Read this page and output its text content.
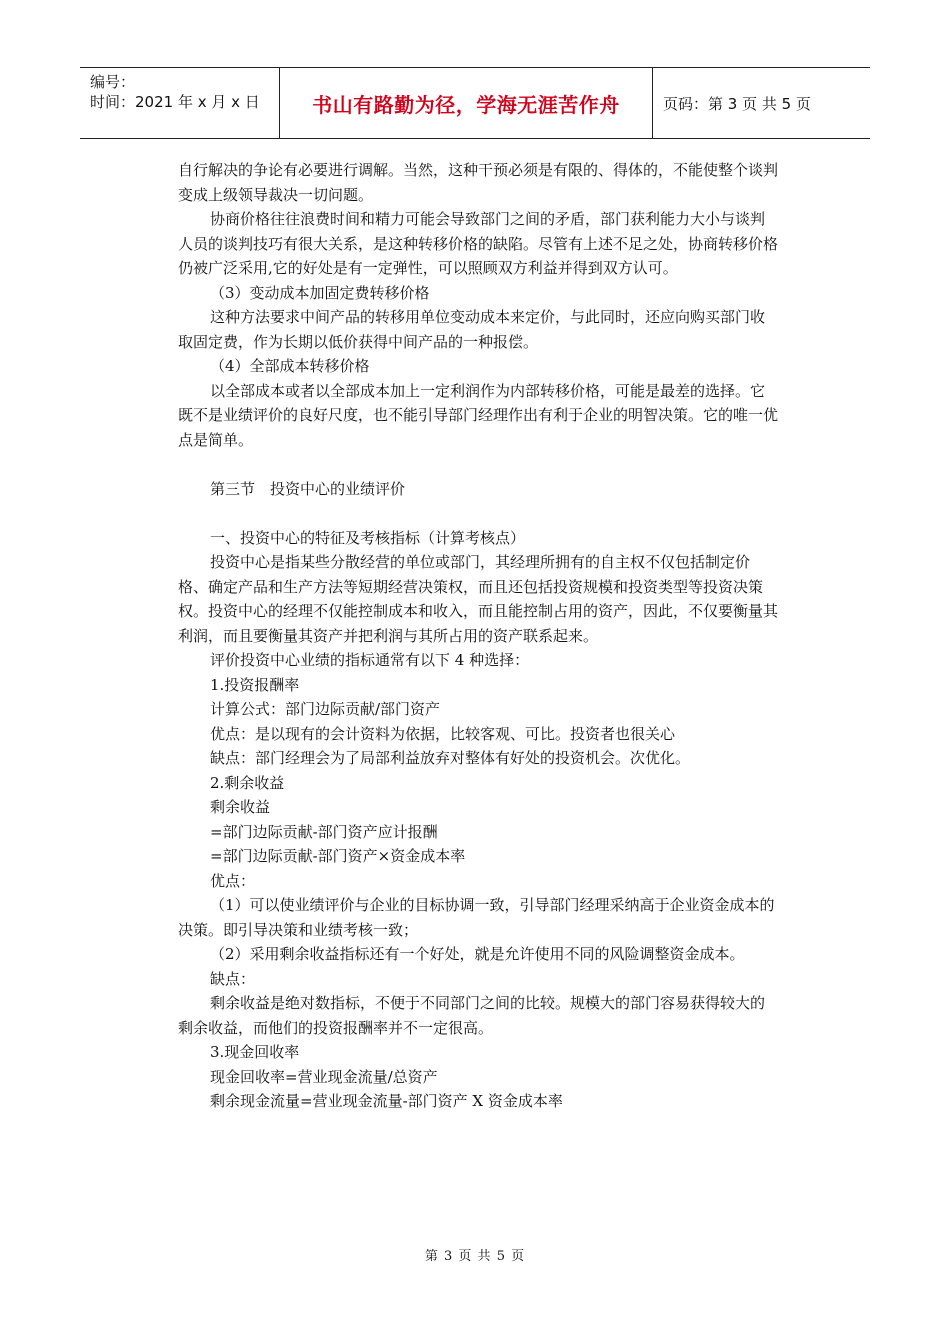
编号：
时间：2021 年 x 月 x 日	书山有路勤为径，学海无涯苦作舟	页码：第 3 页 共 5 页

自行解决的争论有必要进行调解。当然，这种干预必须是有限的、得体的，不能使整个谈判变成上级领导裁决一切问题。

协商价格往往浪费时间和精力可能会导致部门之间的矛盾，部门获利能力大小与谈判人员的谈判技巧有很大关系，是这种转移价格的缺陷。尽管有上述不足之处，协商转移价格仍被广泛采用,它的好处是有一定弹性，可以照顾双方利益并得到双方认可。

（3）变动成本加固定费转移价格

这种方法要求中间产品的转移用单位变动成本来定价，与此同时，还应向购买部门收取固定费，作为长期以低价获得中间产品的一种报偿。

（4）全部成本转移价格

以全部成本或者以全部成本加上一定利润作为内部转移价格，可能是最差的选择。它既不是业绩评价的良好尺度，也不能引导部门经理作出有利于企业的明智决策。它的唯一优点是简单。

第三节　投资中心的业绩评价

一、投资中心的特征及考核指标（计算考核点）

投资中心是指某些分散经营的单位或部门，其经理所拥有的自主权不仅包括制定价格、确定产品和生产方法等短期经营决策权，而且还包括投资规模和投资类型等投资决策权。投资中心的经理不仅能控制成本和收入，而且能控制占用的资产，因此，不仅要衡量其利润，而且要衡量其资产并把利润与其所占用的资产联系起来。

评价投资中心业绩的指标通常有以下 4 种选择：

1.投资报酬率

计算公式：部门边际贡献/部门资产

优点：是以现有的会计资料为依据，比较客观、可比。投资者也很关心

缺点：部门经理会为了局部利益放弃对整体有好处的投资机会。次优化。

2.剩余收益

剩余收益

=部门边际贡献-部门资产应计报酬

=部门边际贡献-部门资产×资金成本率

优点：

（1）可以使业绩评价与企业的目标协调一致，引导部门经理采纳高于企业资金成本的决策。即引导决策和业绩考核一致；

（2）采用剩余收益指标还有一个好处，就是允许使用不同的风险调整资金成本。

缺点：

剩余收益是绝对数指标，不便于不同部门之间的比较。规模大的部门容易获得较大的剩余收益，而他们的投资报酬率并不一定很高。

3.现金回收率

现金回收率=营业现金流量/总资产

剩余现金流量=营业现金流量-部门资产 X 资金成本率

第 3 页 共 5 页
